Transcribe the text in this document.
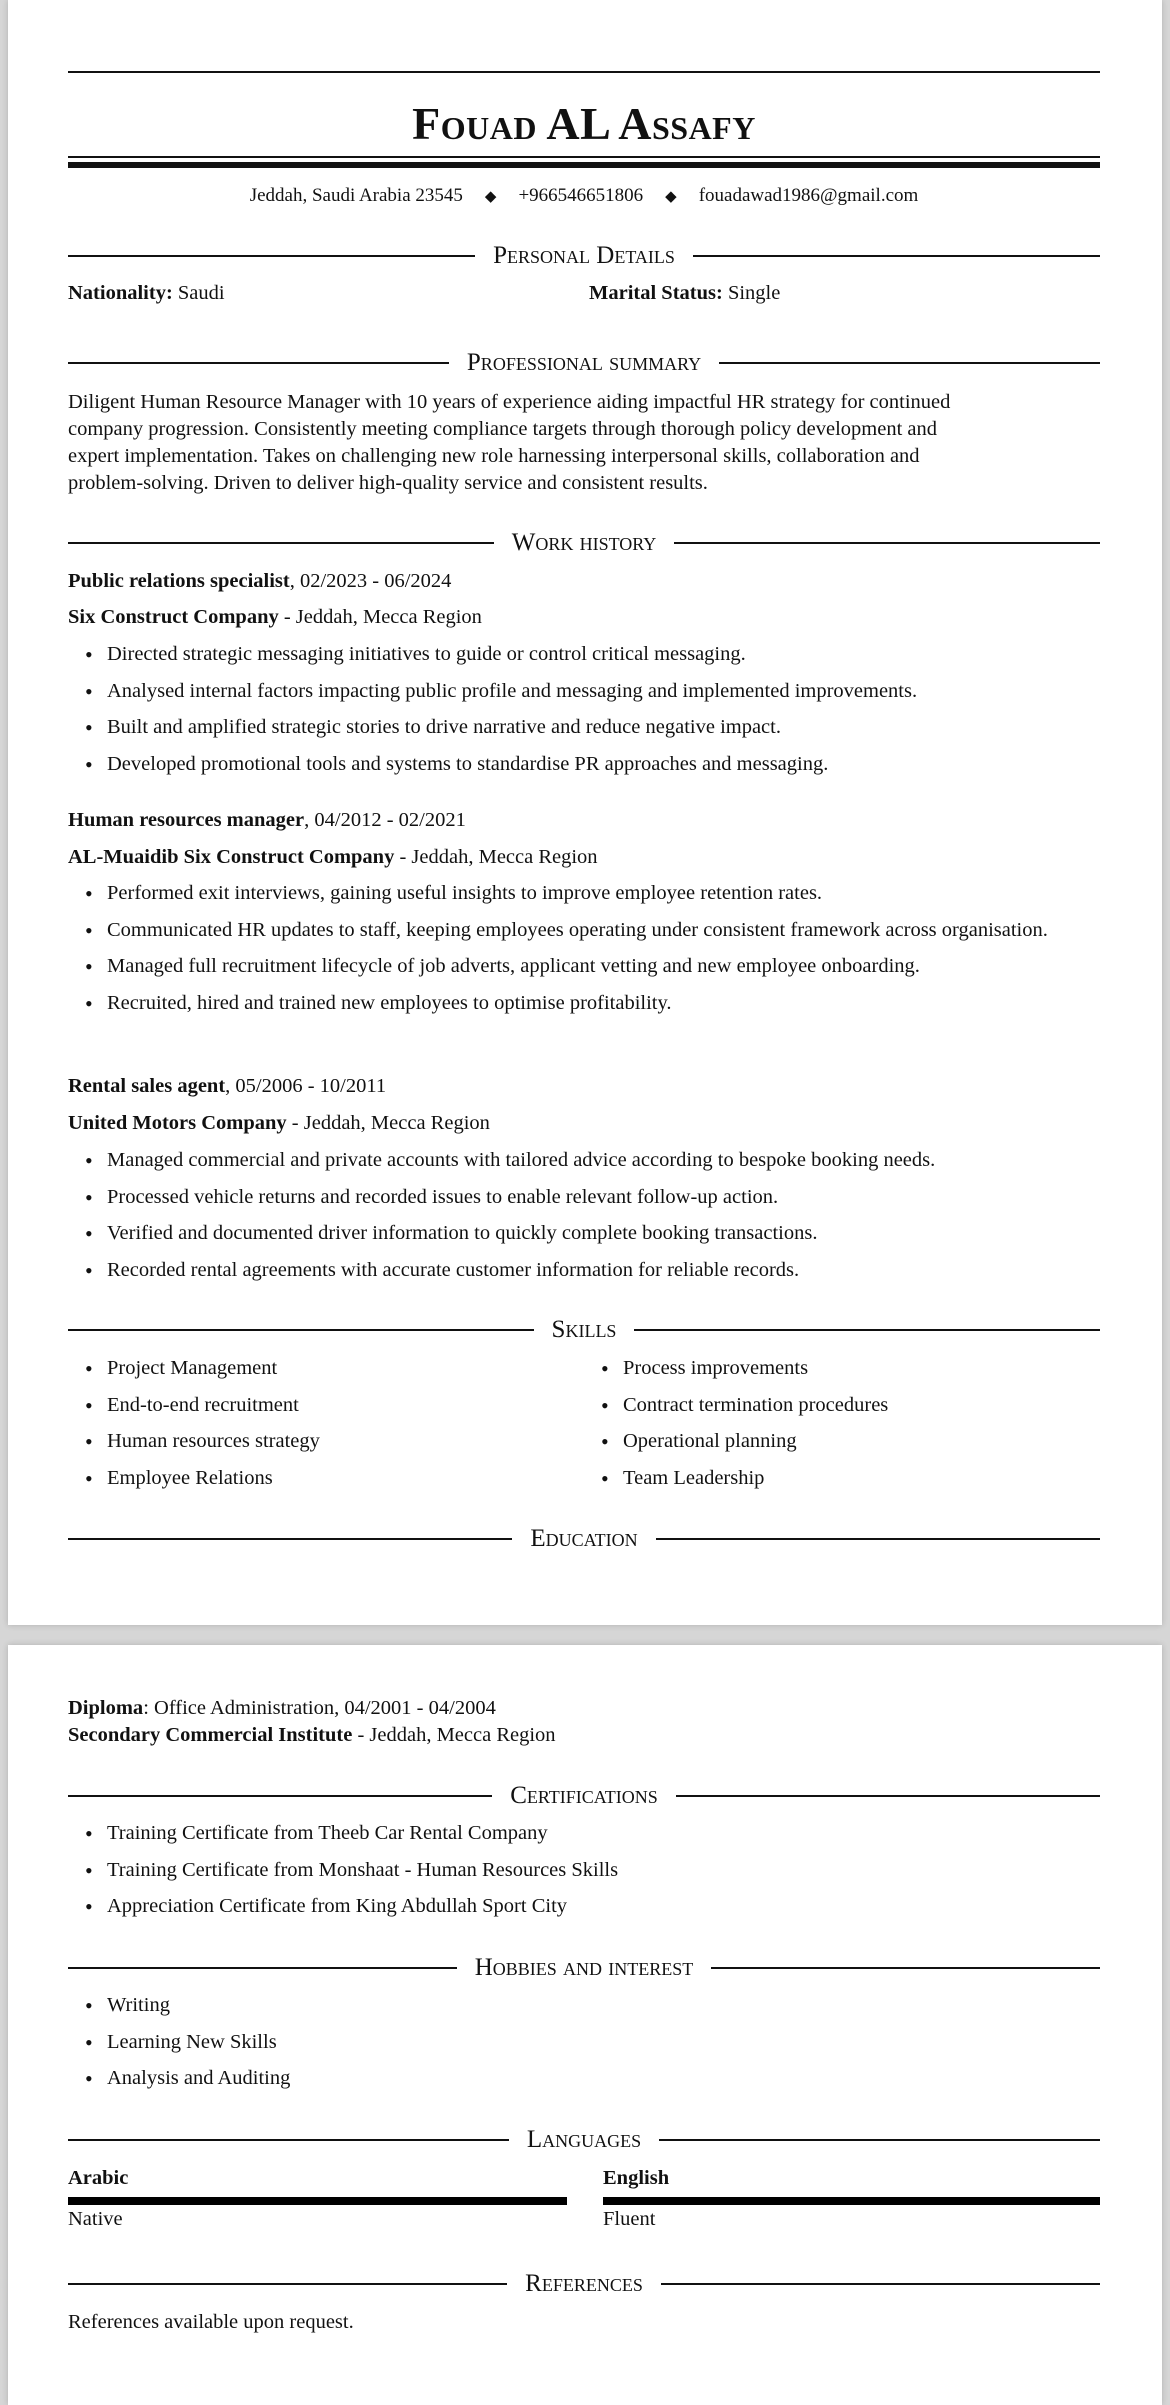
Fouad AL Assafy
Jeddah, Saudi Arabia 23545 ◆ +966546651806 ◆ fouadawad1986@gmail.com
Personal Details
Nationality: Saudi	Marital Status: Single
Professional summary
Diligent Human Resource Manager with 10 years of experience aiding impactful HR strategy for continued
company progression. Consistently meeting compliance targets through thorough policy development and
expert implementation. Takes on challenging new role harnessing interpersonal skills, collaboration and
problem-solving. Driven to deliver high-quality service and consistent results.
Work history
Public relations specialist, 02/2023 - 06/2024
Six Construct Company - Jeddah, Mecca Region
• Directed strategic messaging initiatives to guide or control critical messaging.
• Analysed internal factors impacting public profile and messaging and implemented improvements.
• Built and amplified strategic stories to drive narrative and reduce negative impact.
• Developed promotional tools and systems to standardise PR approaches and messaging.
Human resources manager, 04/2012 - 02/2021
AL-Muaidib Six Construct Company - Jeddah, Mecca Region
• Performed exit interviews, gaining useful insights to improve employee retention rates.
• Communicated HR updates to staff, keeping employees operating under consistent framework across organisation.
• Managed full recruitment lifecycle of job adverts, applicant vetting and new employee onboarding.
• Recruited, hired and trained new employees to optimise profitability.
Rental sales agent, 05/2006 - 10/2011
United Motors Company - Jeddah, Mecca Region
• Managed commercial and private accounts with tailored advice according to bespoke booking needs.
• Processed vehicle returns and recorded issues to enable relevant follow-up action.
• Verified and documented driver information to quickly complete booking transactions.
• Recorded rental agreements with accurate customer information for reliable records.
Skills
• Project Management
• End-to-end recruitment
• Human resources strategy
• Employee Relations
• Process improvements
• Contract termination procedures
• Operational planning
• Team Leadership
Education
Diploma: Office Administration, 04/2001 - 04/2004
Secondary Commercial Institute - Jeddah, Mecca Region
Certifications
• Training Certificate from Theeb Car Rental Company
• Training Certificate from Monshaat - Human Resources Skills
• Appreciation Certificate from King Abdullah Sport City
Hobbies and interest
• Writing
• Learning New Skills
• Analysis and Auditing
Languages
Arabic
Native
English
Fluent
References
References available upon request.
